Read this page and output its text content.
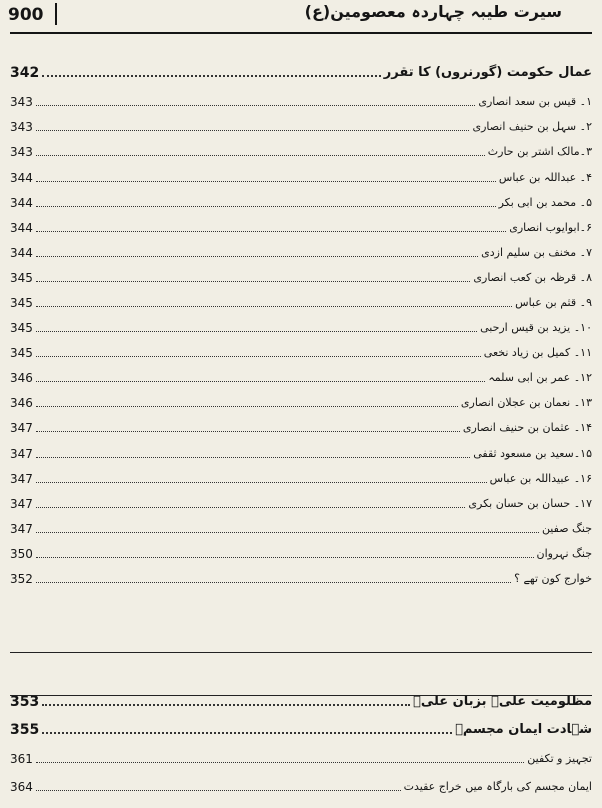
900	سیرت طیبہ چہاردہ معصومین(ع)
342	عمال حکومت (گورنروں) کا تقرر
343	۱۔ قیس بن سعد انصاری
343	۲۔ سہل بن حنیف انصاری
343	۳۔مالک اشتر بن حارث
344	۴۔ عبداللہ بن عباس
344	۵۔ محمد بن ابی بکر
344	۶۔ابوایوب انصاری
344	۷۔ مخنف بن سلیم ازدی
345	۸۔ قرظہ بن کعب انصاری
345	۹۔ قثم بن عباس
345	۱۰۔ یزید بن قیس ارحبی
345	۱۱۔ کمیل بن زیاد نخعی
346	۱۲۔ عمر بن ابی سلمہ
346	۱۳۔ نعمان بن عجلان انصاری
347	۱۴۔ عثمان بن حنیف انصاری
347	۱۵۔سعید بن مسعود ثقفی
347	۱۶۔ عبیداللہ بن عباس
347	۱۷۔ حسان بن حسان بکری
347	جنگ صفین
350	جنگ نہروان
352	خوارج کون تھے ؟
353	مظلومیت علیؑ بزبان علیؑ
355	شہادت ایمان مجسمؑ
361	تجہیز و تکفین
364	ایمان مجسم کی بارگاہ میں خراج عقیدت
